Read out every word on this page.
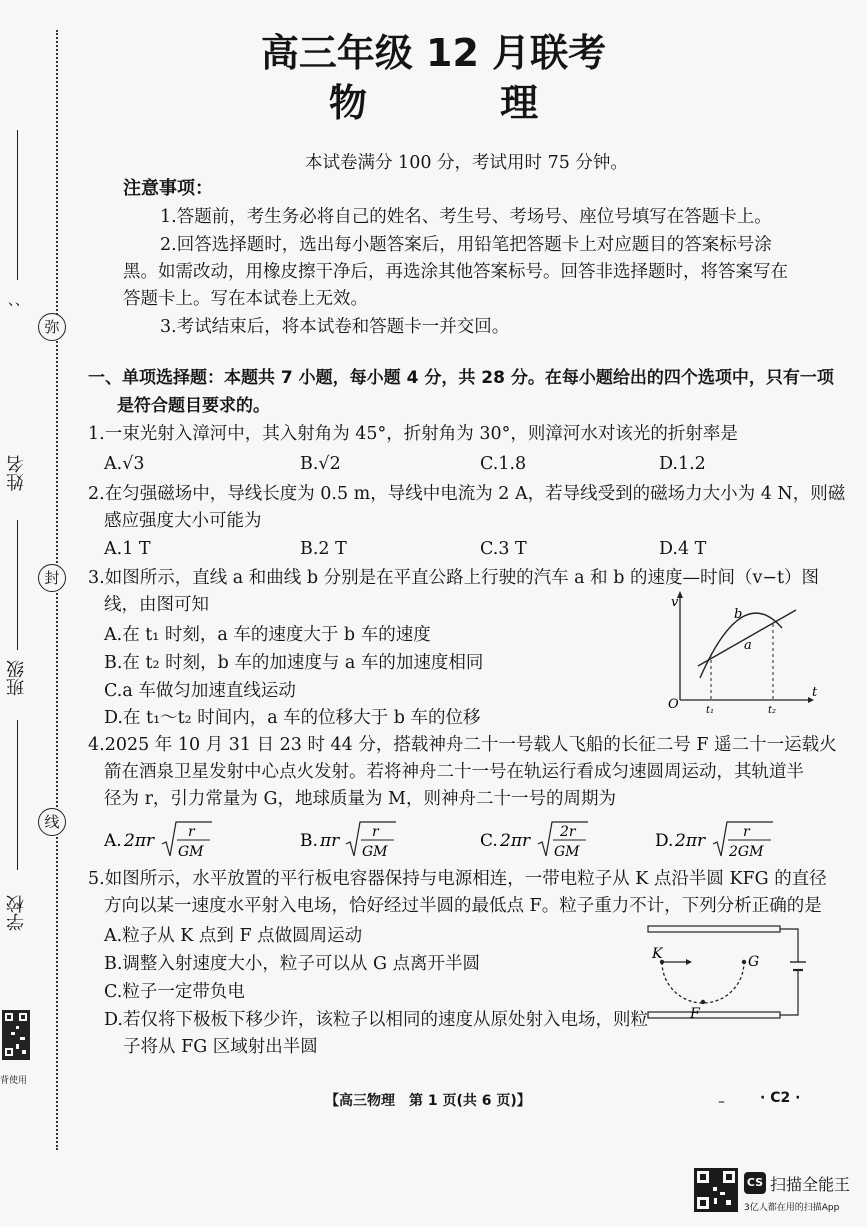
、、
姓名
班级
学校
弥
封
线
背使用
高三年级 12 月联考
物 理
本试卷满分 100 分，考试用时 75 分钟。
注意事项：
1.答题前，考生务必将自己的姓名、考生号、考场号、座位号填写在答题卡上。
2.回答选择题时，选出每小题答案后，用铅笔把答题卡上对应题目的答案标号涂
黑。如需改动，用橡皮擦干净后，再选涂其他答案标号。回答非选择题时，将答案写在
答题卡上。写在本试卷上无效。
3.考试结束后，将本试卷和答题卡一并交回。
一、单项选择题：本题共 7 小题，每小题 4 分，共 28 分。在每小题给出的四个选项中，只有一项
是符合题目要求的。
1.一束光射入漳河中，其入射角为 45°，折射角为 30°，则漳河水对该光的折射率是
A.√3	B.√2	C.1.8	D.1.2
2.在匀强磁场中，导线长度为 0.5 m，导线中电流为 2 A，若导线受到的磁场力大小为 4 N，则磁
感应强度大小可能为
A.1 T	B.2 T	C.3 T	D.4 T
3.如图所示，直线 a 和曲线 b 分别是在平直公路上行驶的汽车 a 和 b 的速度—时间（v−t）图
线，由图可知
A.在 t₁ 时刻，a 车的速度大于 b 车的速度
B.在 t₂ 时刻，b 车的加速度与 a 车的加速度相同
C.a 车做匀加速直线运动
D.在 t₁～t₂ 时间内，a 车的位移大于 b 车的位移
v
t
O
b
a
t₁	t₂
4.2025 年 10 月 31 日 23 时 44 分，搭载神舟二十一号载人飞船的长征二号 F 遥二十一运载火
箭在酒泉卫星发射中心点火发射。若将神舟二十一号在轨运行看成匀速圆周运动，其轨道半
径为 r，引力常量为 G，地球质量为 M，则神舟二十一号的周期为
A. 2πr r
GM
B. πr r
GM
C. 2πr 2r
GM
D. 2πr	r
2GM
5.如图所示，水平放置的平行板电容器保持与电源相连，一带电粒子从 K 点沿半圆 KFG 的直径
方向以某一速度水平射入电场，恰好经过半圆的最低点 F。粒子重力不计，下列分析正确的是
A.粒子从 K 点到 F 点做圆周运动
B.调整入射速度大小，粒子可以从 G 点离开半圆
C.粒子一定带负电
D.若仅将下极板下移少许，该粒子以相同的速度从原处射入电场，则粒
子将从 FG 区域射出半圆
K	G
F
【高三物理　第 1 页(共 6 页)】	–	· C2 ·
CS 扫描全能王
3亿人都在用的扫描App
